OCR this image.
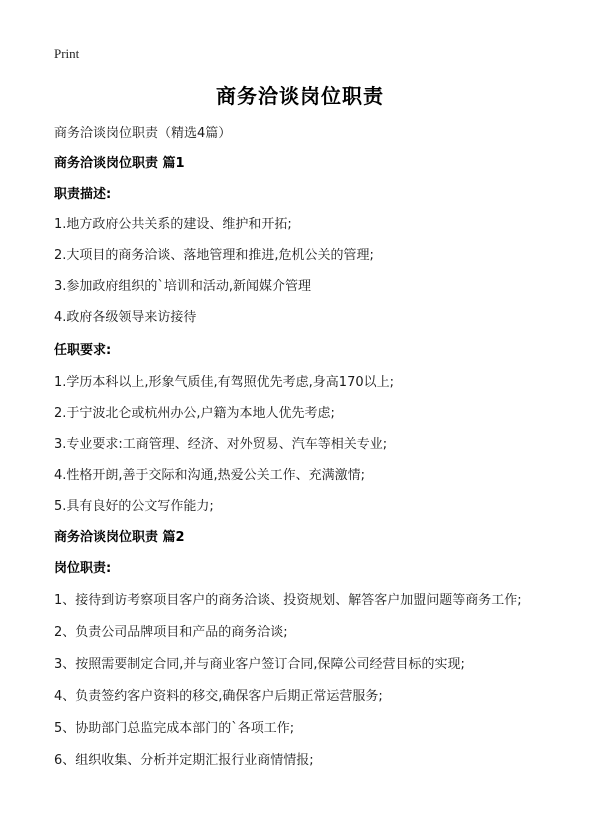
Print
商务洽谈岗位职责
商务洽谈岗位职责（精选4篇）
商务洽谈岗位职责 篇1
职责描述:
1.地方政府公共关系的建设、维护和开拓;
2.大项目的商务洽谈、落地管理和推进,危机公关的管理;
3.参加政府组织的`培训和活动,新闻媒介管理
4.政府各级领导来访接待
任职要求:
1.学历本科以上,形象气质佳,有驾照优先考虑,身高170以上;
2.于宁波北仑或杭州办公,户籍为本地人优先考虑;
3.专业要求:工商管理、经济、对外贸易、汽车等相关专业;
4.性格开朗,善于交际和沟通,热爱公关工作、充满激情;
5.具有良好的公文写作能力;
商务洽谈岗位职责 篇2
岗位职责:
1、接待到访考察项目客户的商务洽谈、投资规划、解答客户加盟问题等商务工作;
2、负责公司品牌项目和产品的商务洽谈;
3、按照需要制定合同,并与商业客户签订合同,保障公司经营目标的实现;
4、负责签约客户资料的移交,确保客户后期正常运营服务;
5、协助部门总监完成本部门的`各项工作;
6、组织收集、分析并定期汇报行业商情情报;
